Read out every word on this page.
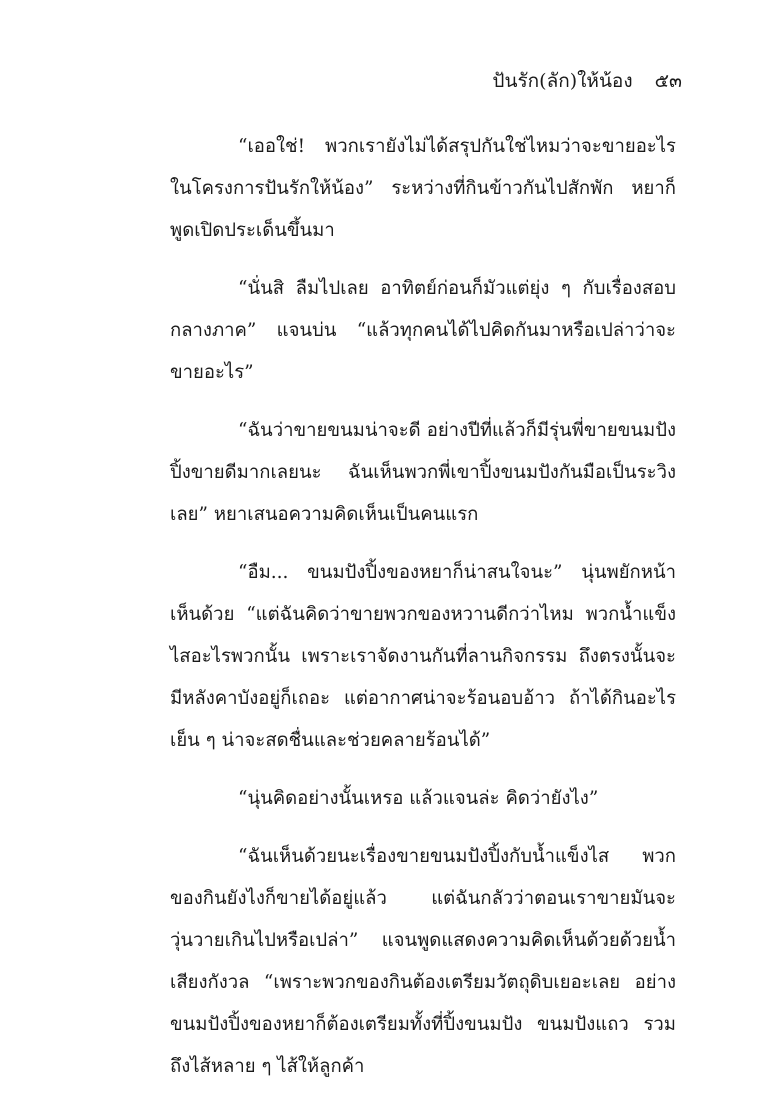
ปันรัก(ลัก)ให้น้อง ๕๓

“เออใช่! พวกเรายังไม่ได้สรุปกันใช่ไหมว่าจะขายอะไร ในโครงการปันรักให้น้อง” ระหว่างที่กินข้าวกันไปสักพัก หยาก็พูดเปิดประเด็นขึ้นมา

“นั่นสิ ลืมไปเลย อาทิตย์ก่อนก็มัวแต่ยุ่ง ๆ กับเรื่องสอบกลางภาค” แจนบ่น “แล้วทุกคนได้ไปคิดกันมาหรือเปล่าว่าจะขายอะไร”

“ฉันว่าขายขนมน่าจะดี อย่างปีที่แล้วก็มีรุ่นพี่ขายขนมปังปิ้งขายดีมากเลยนะ ฉันเห็นพวกพี่เขาปิ้งขนมปังกันมือเป็นระวิงเลย” หยาเสนอความคิดเห็นเป็นคนแรก

“อืม... ขนมปังปิ้งของหยาก็น่าสนใจนะ” นุ่นพยักหน้าเห็นด้วย “แต่ฉันคิดว่าขายพวกของหวานดีกว่าไหม พวกน้ำแข็งไสอะไรพวกนั้น เพราะเราจัดงานกันที่ลานกิจกรรม ถึงตรงนั้นจะมีหลังคาบังอยู่ก็เถอะ แต่อากาศน่าจะร้อนอบอ้าว ถ้าได้กินอะไรเย็น ๆ น่าจะสดชื่นและช่วยคลายร้อนได้”

“นุ่นคิดอย่างนั้นเหรอ แล้วแจนล่ะ คิดว่ายังไง”

“ฉันเห็นด้วยนะเรื่องขายขนมปังปิ้งกับน้ำแข็งไส พวกของกินยังไงก็ขายได้อยู่แล้ว แต่ฉันกลัวว่าตอนเราขายมันจะวุ่นวายเกินไปหรือเปล่า” แจนพูดแสดงความคิดเห็นด้วยด้วยน้ำเสียงกังวล “เพราะพวกของกินต้องเตรียมวัตถุดิบเยอะเลย อย่างขนมปังปิ้งของหยาก็ต้องเตรียมทั้งที่ปิ้งขนมปัง ขนมปังแถว รวมถึงไส้หลาย ๆ ไส้ให้ลูกค้า
